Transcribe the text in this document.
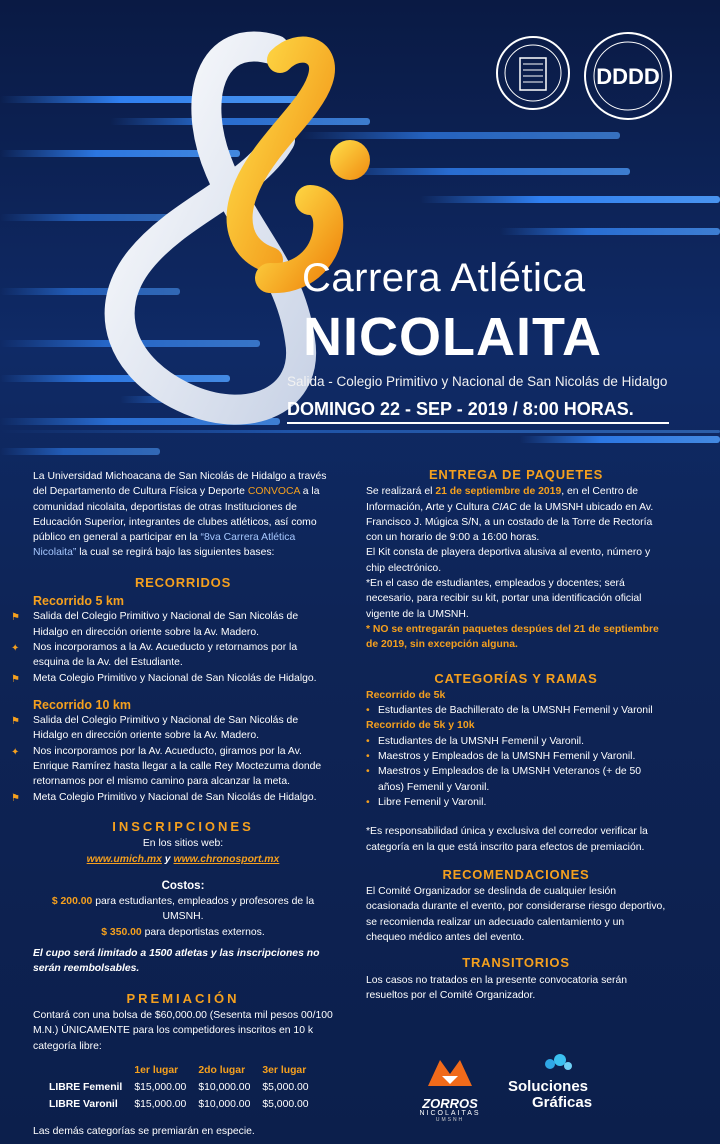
DDDD
Carrera Atlética
NICOLAITA
Salida - Colegio Primitivo y Nacional de San Nicolás de Hidalgo
DOMINGO 22 - SEP - 2019 / 8:00 HORAS.

La Universidad Michoacana de San Nicolás de Hidalgo a través del Departamento de Cultura Física y Deporte CONVOCA a la comunidad nicolaita, deportistas de otras Instituciones de Educación Superior, integrantes de clubes atléticos, así como público en general a participar en la “8va Carrera Atlética Nicolaita” la cual se regirá bajo las siguientes bases:

RECORRIDOS
Recorrido 5 km
⚑ Salida del Colegio Primitivo y Nacional de San Nicolás de Hidalgo en dirección oriente sobre la Av. Madero.
✦	Nos incorporamos a la Av. Acueducto y retornamos por la esquina de la Av. del Estudiante.
⚑ Meta Colegio Primitivo y Nacional de San Nicolás de Hidalgo.
Recorrido 10 km
⚑ Salida del Colegio Primitivo y Nacional de San Nicolás de Hidalgo en dirección oriente sobre la Av. Madero.
✦	Nos incorporamos por la Av. Acueducto, giramos por la Av. Enrique Ramírez hasta llegar a la calle Rey Moctezuma donde retornamos por el mismo camino para alcanzar la meta.
⚑ Meta Colegio Primitivo y Nacional de San Nicolás de Hidalgo.
INSCRIPCIONES

En los sitios web:

www.umich.mx y www.chronosport.mx

Costos:

$ 200.00 para estudiantes, empleados y profesores de la UMSNH.

$ 350.00 para deportistas externos.

El cupo será limitado a 1500 atletas y las inscripciones no serán reembolsables.

PREMIACIÓN

Contará con una bolsa de $60,000.00 (Sesenta mil pesos 00/100 M.N.) ÚNICAMENTE para los competidores inscritos en 10 k categoría libre:

	1er lugar	2do lugar	3er lugar
LIBRE Femenil	$15,000.00	$10,000.00	$5,000.00
LIBRE Varonil	$15,000.00	$10,000.00	$5,000.00

Las demás categorías se premiarán en especie.

ENTREGA DE PAQUETES

Se realizará el 21 de septiembre de 2019, en el Centro de Información, Arte y Cultura CIAC de la UMSNH ubicado en Av. Francisco J. Múgica S/N, a un costado de la Torre de Rectoría con un horario de 9:00 a 16:00 horas.

El Kit consta de playera deportiva alusiva al evento, número y chip electrónico.

*En el caso de estudiantes, empleados y docentes; será necesario, para recibir su kit, portar una identificación oficial vigente de la UMSNH.

* NO se entregarán paquetes despúes del 21 de septiembre de 2019, sin excepción alguna.

CATEGORÍAS Y RAMAS
Recorrido de 5k
• Estudiantes de Bachillerato de la UMSNH Femenil y Varonil
Recorrido de 5k y 10k
• Estudiantes de la UMSNH Femenil y Varonil.
• Maestros y Empleados de la UMSNH Femenil y Varonil.
• Maestros y Empleados de la UMSNH Veteranos (+ de 50 años) Femenil y Varonil.
• Libre Femenil y Varonil.

*Es responsabilidad única y exclusiva del corredor verificar la categoría en la que está inscrito para efectos de premiación.

RECOMENDACIONES

El Comité Organizador se deslinda de cualquier lesión ocasionada durante el evento, por considerarse riesgo deportivo, se recomienda realizar un adecuado calentamiento y un chequeo médico antes del evento.

TRANSITORIOS

Los casos no tratados en la presente convocatoria serán resueltos por el Comité Organizador.

ZORROS
NICOLAITAS
UMSNH
Soluciones
Gráficas
